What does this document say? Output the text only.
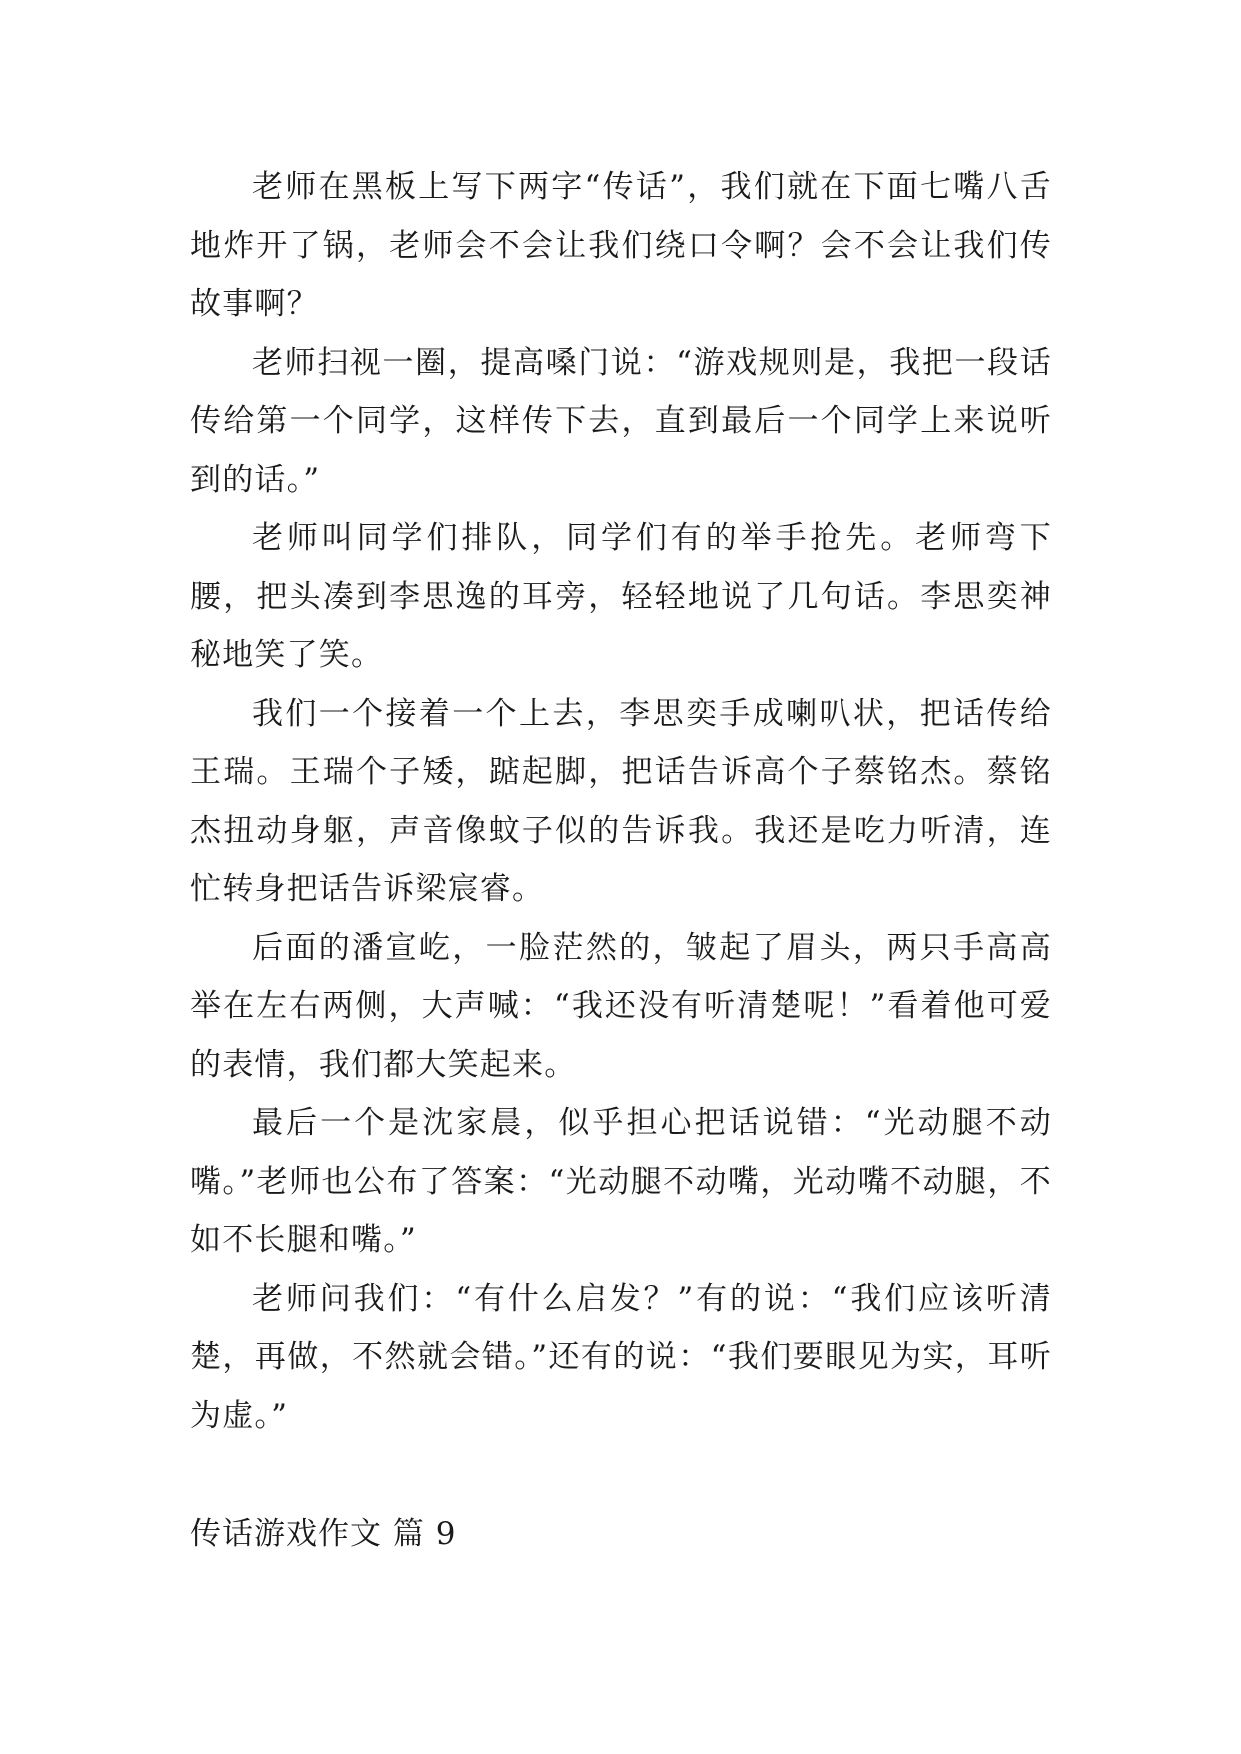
老师在黑板上写下两字“传话”，我们就在下面七嘴八舌地炸开了锅，老师会不会让我们绕口令啊？会不会让我们传故事啊？

老师扫视一圈，提高嗓门说：“游戏规则是，我把一段话传给第一个同学，这样传下去，直到最后一个同学上来说听到的话。”

老师叫同学们排队，同学们有的举手抢先。老师弯下腰，把头凑到李思逸的耳旁，轻轻地说了几句话。李思奕神秘地笑了笑。

我们一个接着一个上去，李思奕手成喇叭状，把话传给王瑞。王瑞个子矮，踮起脚，把话告诉高个子蔡铭杰。蔡铭杰扭动身躯，声音像蚊子似的告诉我。我还是吃力听清，连忙转身把话告诉梁宸睿。

后面的潘宣屹，一脸茫然的，皱起了眉头，两只手高高举在左右两侧，大声喊：“我还没有听清楚呢！”看着他可爱的表情，我们都大笑起来。

最后一个是沈家晨，似乎担心把话说错：“光动腿不动嘴。”老师也公布了答案：“光动腿不动嘴，光动嘴不动腿，不如不长腿和嘴。”

老师问我们：“有什么启发？”有的说：“我们应该听清楚，再做，不然就会错。”还有的说：“我们要眼见为实，耳听为虚。”

传话游戏作文 篇 9
